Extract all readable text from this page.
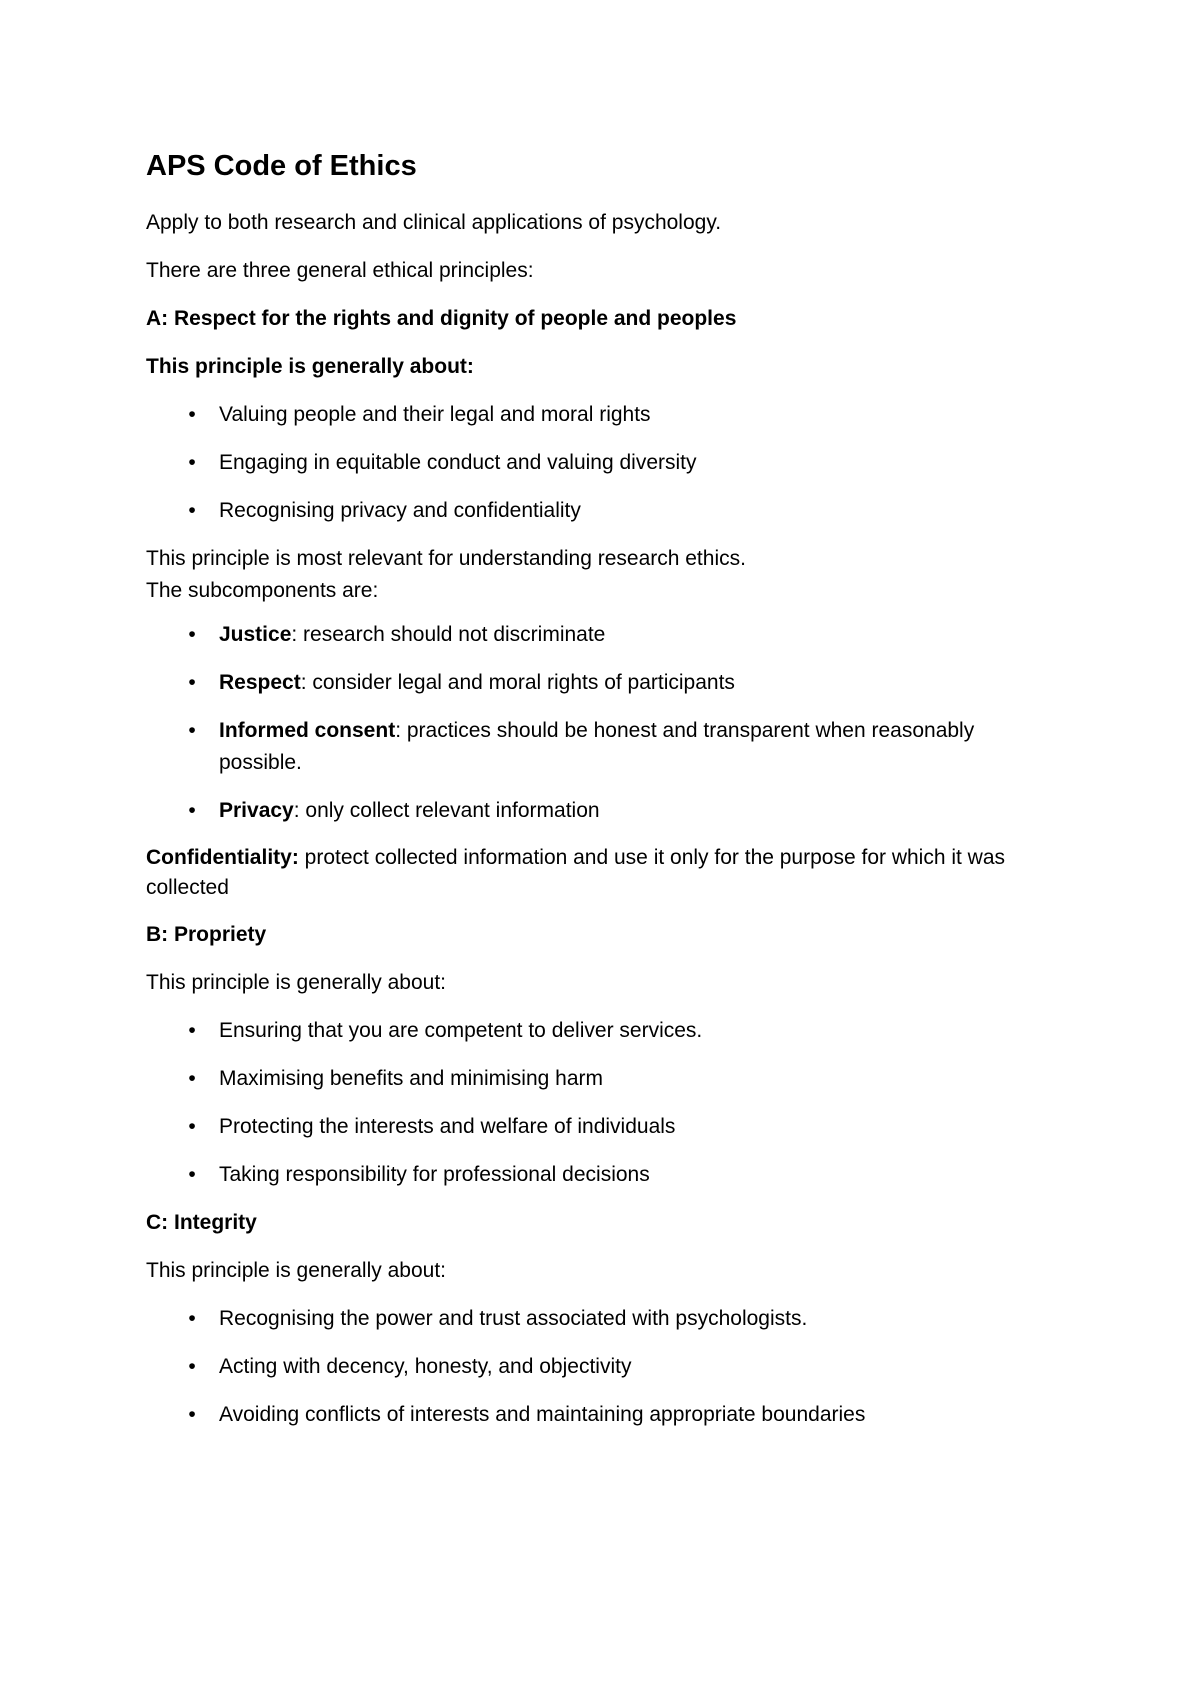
APS Code of Ethics

Apply to both research and clinical applications of psychology.

There are three general ethical principles:

A: Respect for the rights and dignity of people and peoples

This principle is generally about:

•
Valuing people and their legal and moral rights
•
Engaging in equitable conduct and valuing diversity
•
Recognising privacy and confidentiality

This principle is most relevant for understanding research ethics.

The subcomponents are:

•
Justice: research should not discriminate
•
Respect: consider legal and moral rights of participants
•
Informed consent: practices should be honest and transparent when reasonably possible.
•
Privacy: only collect relevant information

Confidentiality: protect collected information and use it only for the purpose for which it was collected

B: Propriety

This principle is generally about:

•
Ensuring that you are competent to deliver services.
•
Maximising benefits and minimising harm
•
Protecting the interests and welfare of individuals
•
Taking responsibility for professional decisions

C: Integrity

This principle is generally about:

•
Recognising the power and trust associated with psychologists.
•
Acting with decency, honesty, and objectivity
•
Avoiding conflicts of interests and maintaining appropriate boundaries
